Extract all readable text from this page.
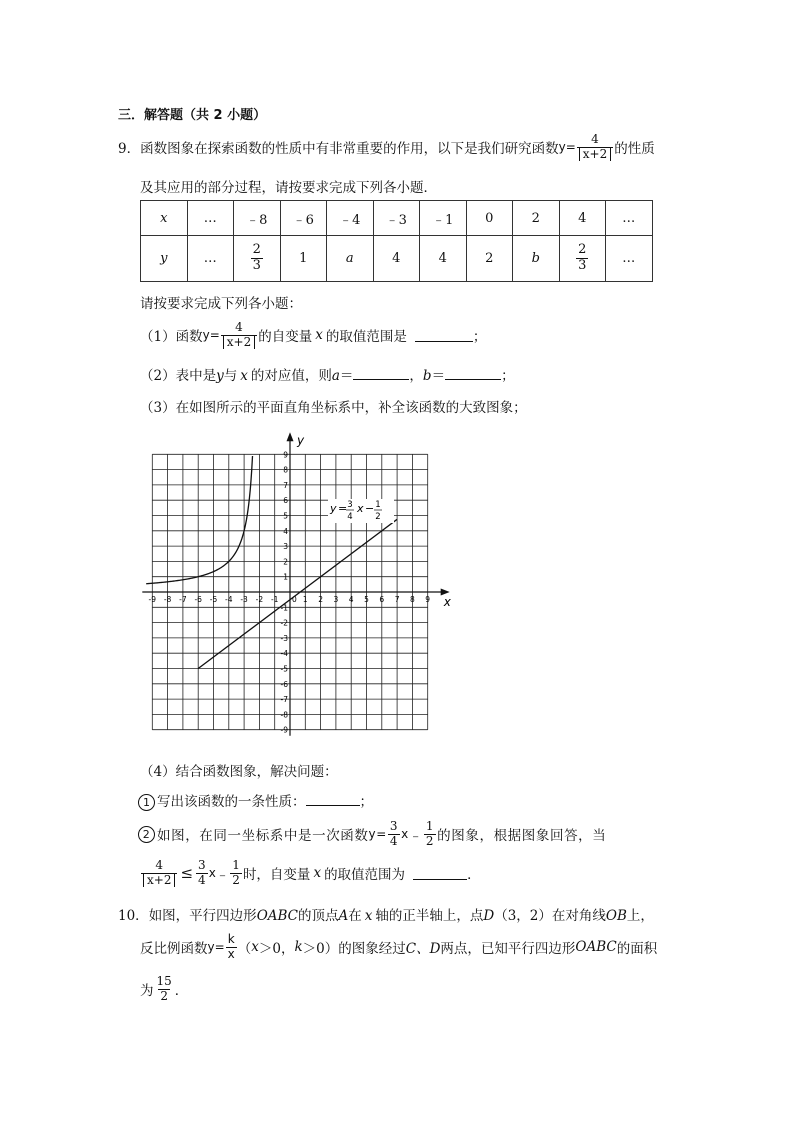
三．解答题（共 2 小题）
9． 函数图象在探索函数的性质中有非常重要的作用，以下是我们研究函数 $y= \frac{4}{x+2}$ 的性质
及其应用的部分过程，请按要求完成下列各小题．
x	…	﹣8	﹣6	﹣4	﹣3	﹣1	0	2	4	…
y	…	$\frac{2}{3}$	1	a	4	4	2	b	$\frac{2}{3}$	…
请按要求完成下列各小题：
（1）函数 $y= \frac{4}{x+2}$ 的自变量 x 的取值范围是	；
（2）表中是y与 x 的对应值，则a＝	，b＝	；
（3）在如图所示的平面直角坐标系中，补全该函数的大致图象；
x
y
-9 -8 -7 -6 -5 -4 -3 -2 -1	1 2 3 4 5 6 7 8 9
9
8
7
6
5
4
3
2
1
-1
-2
-3
-4
-5
-6
-7
-8
-9
0
y = 3
4
x − 1
2
（4）结合函数图象，解决问题：
1 写出该函数的一条性质：	；
2 如图，在同一坐标系中是一次函数 $y= \frac{3}{4}$ x ﹣ $\frac{1}{2}$ 的图象，根据图象回答，当
$\frac{4}{x+2} \le \frac{3}{4}$ x ﹣ $\frac{1}{2}$ 时，自变量 x 的取值范围为	．
10．如图，平行四边形OABC的顶点A在 x 轴的正半轴上，点D（3，2）在对角线OB上，
反比例函数 $y= \frac{k}{x}$ （ x ＞0， k ＞0）的图象经过 C、D 两点，已知平行四边形 OABC 的面积
为 $\frac{15}{2}$ ．
